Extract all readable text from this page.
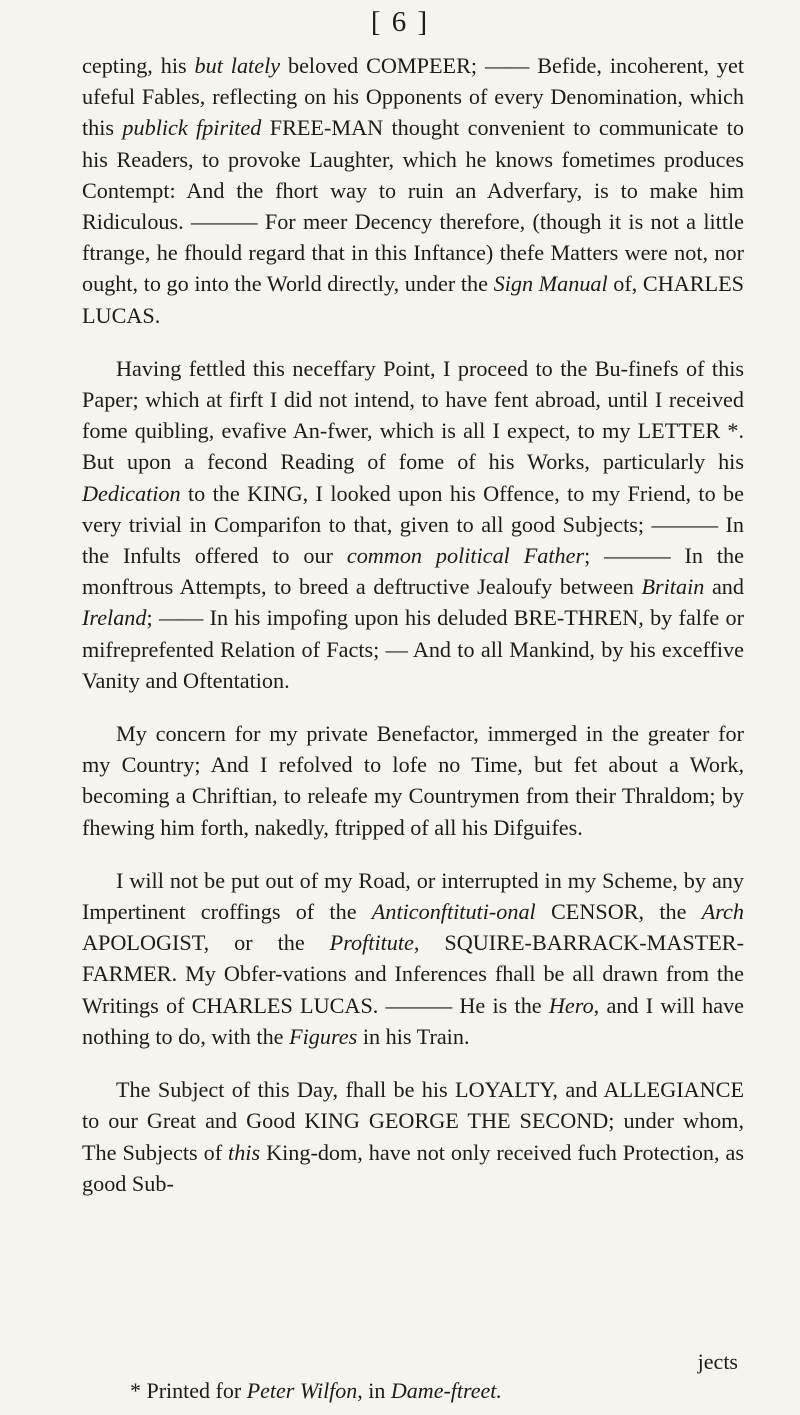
[ 6 ]

cepting, his but lately beloved COMPEER; —— Befide, incoherent, yet ufeful Fables, reflecting on his Opponents of every Denomination, which this publick fpirited FREE-MAN thought convenient to communicate to his Readers, to provoke Laughter, which he knows fometimes produces Contempt: And the fhort way to ruin an Adverfary, is to make him Ridiculous. ——— For meer Decency therefore, (though it is not a little ftrange, he fhould regard that in this Inftance) thefe Matters were not, nor ought, to go into the World directly, under the Sign Manual of, CHARLES LUCAS.

Having fettled this neceffary Point, I proceed to the Bu-finefs of this Paper; which at firft I did not intend, to have fent abroad, until I received fome quibling, evafive An-fwer, which is all I expect, to my LETTER *. But upon a fecond Reading of fome of his Works, particularly his Dedication to the KING, I looked upon his Offence, to my Friend, to be very trivial in Comparifon to that, given to all good Subjects; ——— In the Infults offered to our common political Father; ——— In the monftrous Attempts, to breed a deftructive Jealoufy between Britain and Ireland; —— In his impofing upon his deluded BRE-THREN, by falfe or mifreprefented Relation of Facts; — And to all Mankind, by his exceffive Vanity and Oftentation.

My concern for my private Benefactor, immerged in the greater for my Country; And I refolved to lofe no Time, but fet about a Work, becoming a Chriftian, to releafe my Countrymen from their Thraldom; by fhewing him forth, nakedly, ftripped of all his Difguifes.

I will not be put out of my Road, or interrupted in my Scheme, by any Impertinent croffings of the Anticonftituti-onal CENSOR, the Arch APOLOGIST, or the Proftitute, SQUIRE-BARRACK-MASTER-FARMER. My Obfer-vations and Inferences fhall be all drawn from the Writings of CHARLES LUCAS. ——— He is the Hero, and I will have nothing to do, with the Figures in his Train.

The Subject of this Day, fhall be his LOYALTY, and ALLEGIANCE to our Great and Good KING GEORGE THE SECOND; under whom, The Subjects of this King-dom, have not only received fuch Protection, as good Sub-

jects
* Printed for Peter Wilfon, in Dame-ftreet.
